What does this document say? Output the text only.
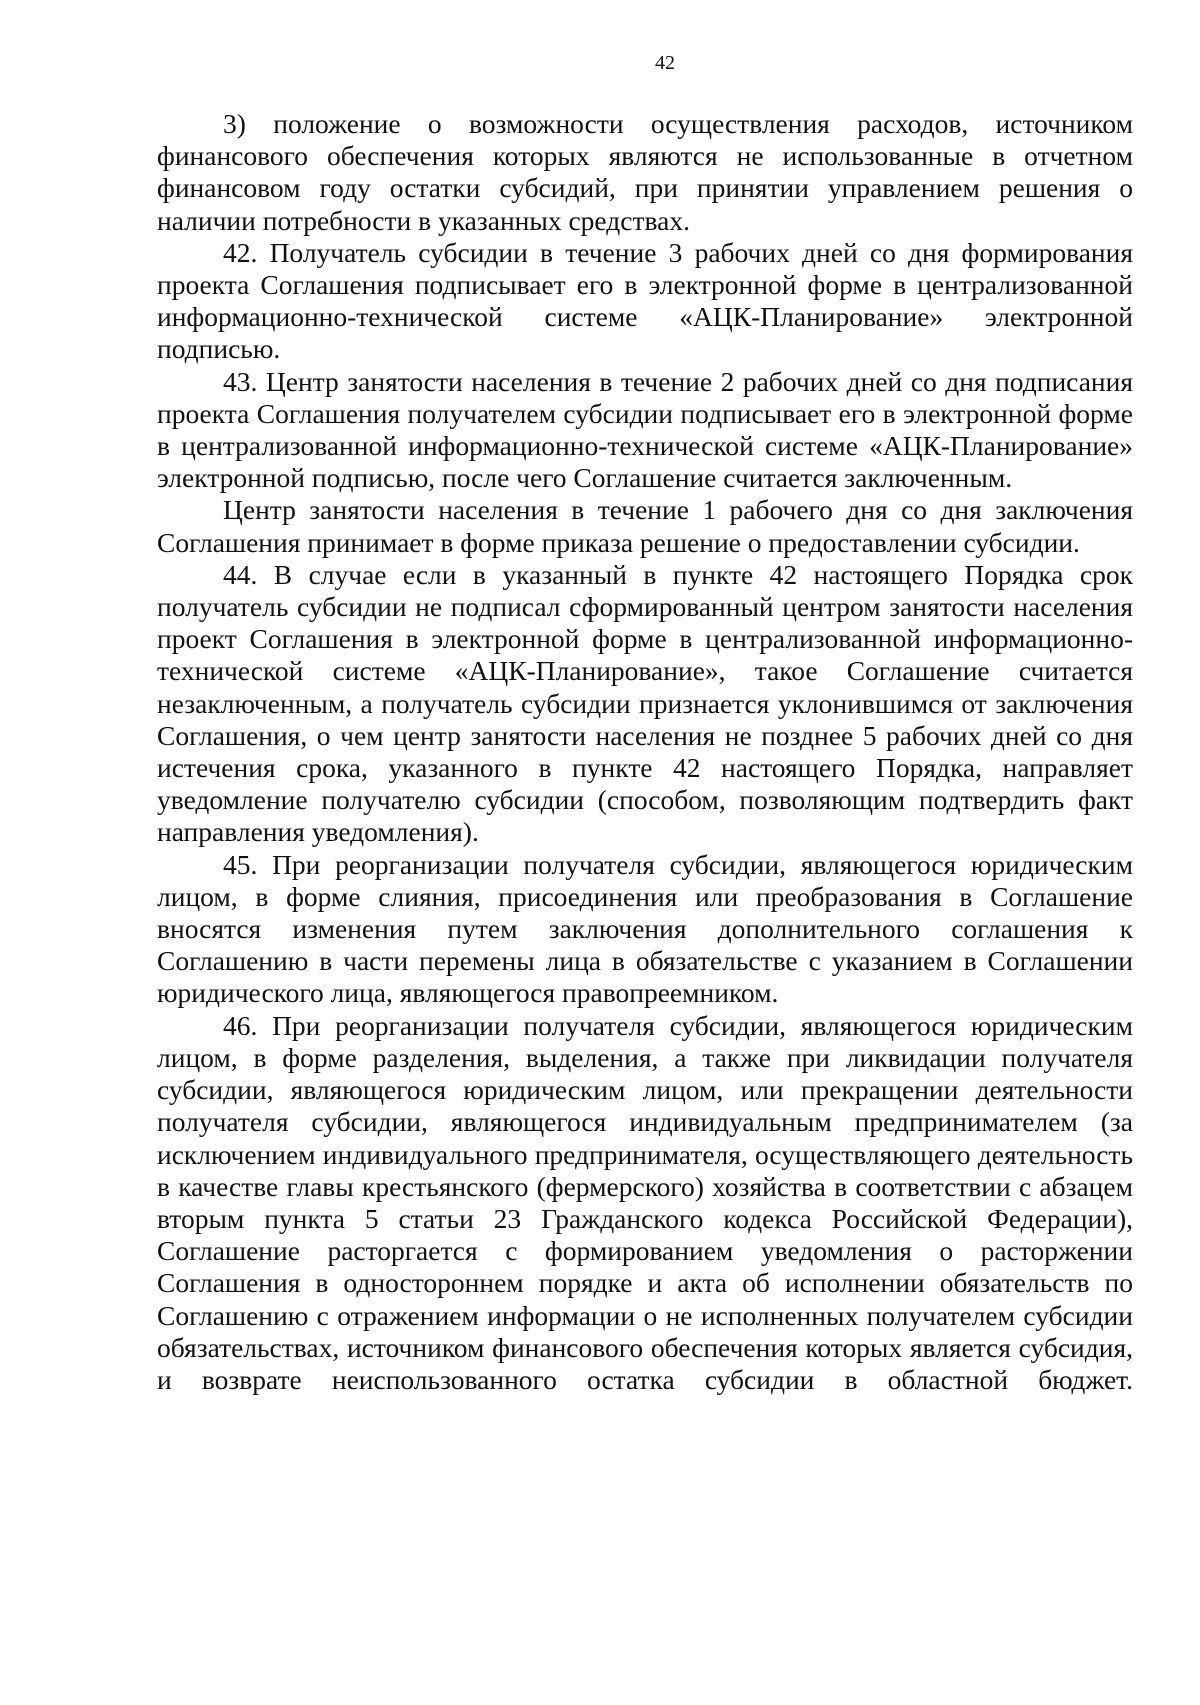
42

3) положение о возможности осуществления расходов, источником финансового обеспечения которых являются не использованные в отчетном финансовом году остатки субсидий, при принятии управлением решения о наличии потребности в указанных средствах.

42. Получатель субсидии в течение 3 рабочих дней со дня формирования проекта Соглашения подписывает его в электронной форме в централизованной информационно-технической системе «АЦК-Планирование» электронной подписью.

43. Центр занятости населения в течение 2 рабочих дней со дня подписания проекта Соглашения получателем субсидии подписывает его в электронной форме в централизованной информационно-технической системе «АЦК-Планирование» электронной подписью, после чего Соглашение считается заключенным.

Центр занятости населения в течение 1 рабочего дня со дня заключения Соглашения принимает в форме приказа решение о предоставлении субсидии.

44. В случае если в указанный в пункте 42 настоящего Порядка срок получатель субсидии не подписал сформированный центром занятости населения проект Соглашения в электронной форме в централизованной информационно-технической системе «АЦК-Планирование», такое Соглашение считается незаключенным, а получатель субсидии признается уклонившимся от заключения Соглашения, о чем центр занятости населения не позднее 5 рабочих дней со дня истечения срока, указанного в пункте 42 настоящего Порядка, направляет уведомление получателю субсидии (способом, позволяющим подтвердить факт направления уведомления).

45. При реорганизации получателя субсидии, являющегося юридическим лицом, в форме слияния, присоединения или преобразования в Соглашение вносятся изменения путем заключения дополнительного соглашения к Соглашению в части перемены лица в обязательстве с указанием в Соглашении юридического лица, являющегося правопреемником.

46. При реорганизации получателя субсидии, являющегося юридическим лицом, в форме разделения, выделения, а также при ликвидации получателя субсидии, являющегося юридическим лицом, или прекращении деятельности получателя субсидии, являющегося индивидуальным предпринимателем (за исключением индивидуального предпринимателя, осуществляющего деятельность в качестве главы крестьянского (фермерского) хозяйства в соответствии с абзацем вторым пункта 5 статьи 23 Гражданского кодекса Российской Федерации), Соглашение расторгается с формированием уведомления о расторжении Соглашения в одностороннем порядке и акта об исполнении обязательств по Соглашению с отражением информации о не исполненных получателем субсидии обязательствах, источником финансового обеспечения которых является субсидия, и возврате неиспользованного остатка субсидии в областной бюджет.
